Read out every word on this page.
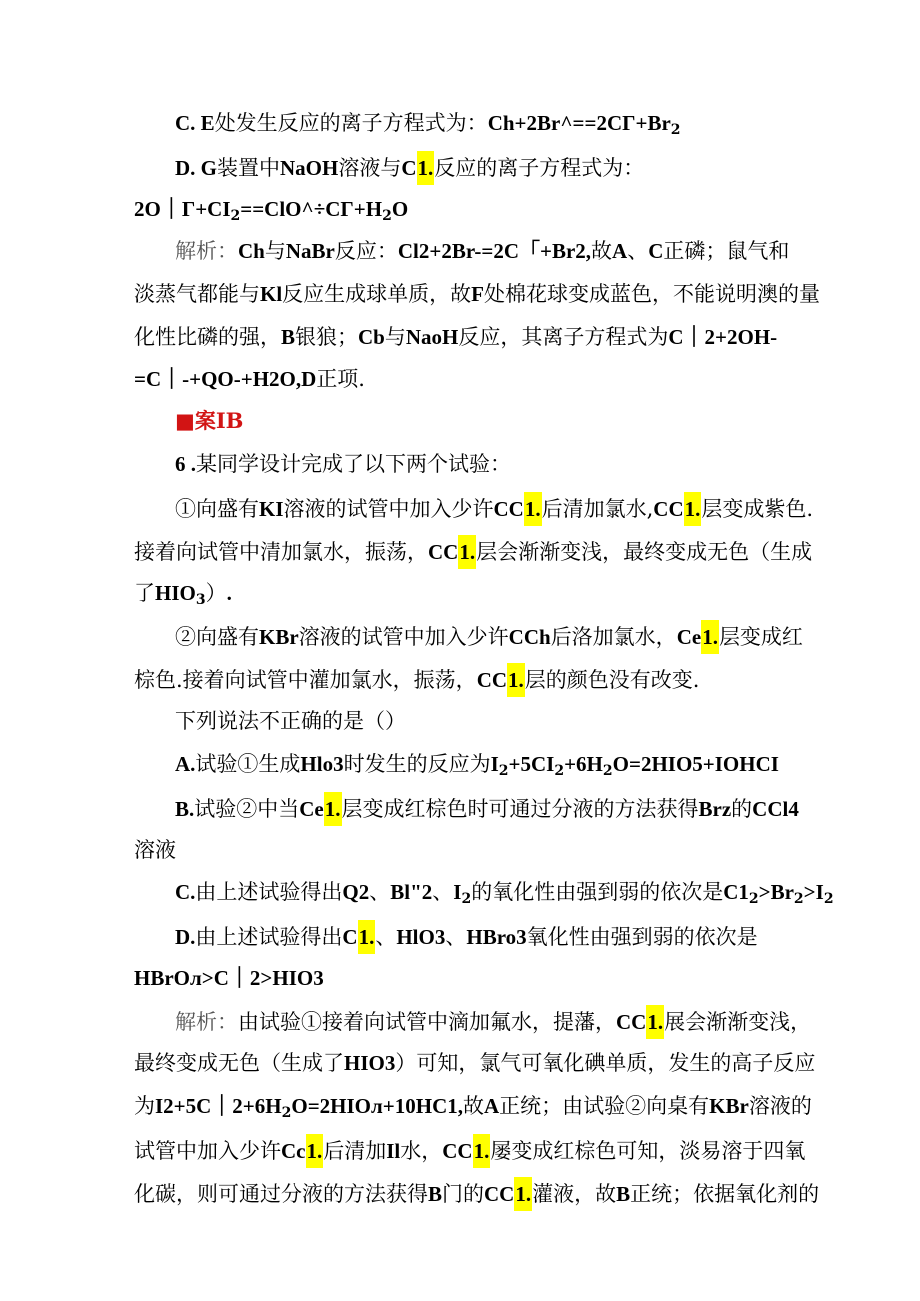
C. E处发生反应的离子方程式为：$Ch+2Br\^{}==2CГ+Br_2$
D. G装置中NaOH溶液与C1.反应的离子方程式为：
$2O|Г+CI_2==ClO\^{}\div CГ+H_2O$
解析：Ch与NaBr反应：Cl2+2Br-=2C「+Br2,故A、C正磷；鼠气和
淡蒸气都能与Kl反应生成球单质，故F处棉花球变成蓝色，不能说明澳的量
化性比磷的强，B银狼；Cb与NaoH反应，其离子方程式为C｜2+2OH-
=C｜-+QO-+H2O,D正项.
■案IB
6 .某同学设计完成了以下两个试验：
①向盛有KI溶液的试管中加入少许CC1.后清加氯水,CC1.层变成紫色.
接着向试管中清加氯水，振荡，CC1.层会渐渐变浅，最终变成无色（生成
了$HIO_3$）.
②向盛有KBr溶液的试管中加入少许CCh后洛加氯水，Ce1.层变成红
棕色.接着向试管中灌加氯水，振荡，CC1.层的颜色没有改变.
下列说法不正确的是（）
A.试验①生成Hlo3时发生的反应为$I_2+5CI_2+6H_2O=2HIO5+IOHCI$
B.试验②中当Ce1.层变成红棕色时可通过分液的方法获得Brz的CCl4
溶液
C.由上述试验得出Q2、Bl"2、$I_2$的氧化性由强到弱的依次是$C1_2>Br_2>I_2$
D.由上述试验得出C1.、HlO3、HBro3氧化性由强到弱的依次是
HBrOл>C｜2>HIO3
解析：由试验①接着向试管中滴加氟水，提藩，CC1.展会渐渐变浅，
最终变成无色（生成了HIO3）可知，氯气可氧化碘单质，发生的高子反应
为$I2+5C|2+6H_2O=2HIOл+10HC1$,故A正统；由试验②向桌有KBr溶液的
试管中加入少许Cc1.后清加Il水，CC1.屡变成红棕色可知，淡易溶于四氧
化碳，则可通过分液的方法获得B门的CC1.灌液，故B正统；依据氧化剂的
